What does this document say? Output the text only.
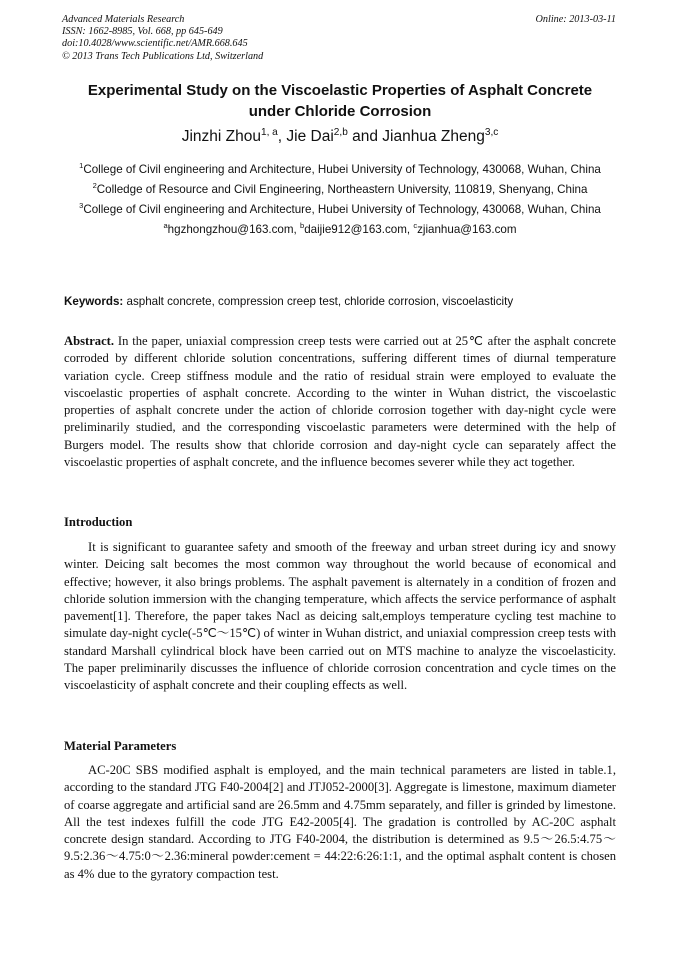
Advanced Materials Research
ISSN: 1662-8985, Vol. 668, pp 645-649
doi:10.4028/www.scientific.net/AMR.668.645
© 2013 Trans Tech Publications Ltd, Switzerland
Online: 2013-03-11
Experimental Study on the Viscoelastic Properties of Asphalt Concrete
under Chloride Corrosion
Jinzhi Zhou$^{1, a}$, Jie Dai$^{2,b}$ and Jianhua Zheng$^{3,c}$

$^1$College of Civil engineering and Architecture, Hubei University of Technology, 430068, Wuhan, China

$^2$Colledge of Resource and Civil Engineering, Northeastern University, 110819, Shenyang, China

$^3$College of Civil engineering and Architecture, Hubei University of Technology, 430068, Wuhan, China

$^a$hgzhongzhou@163.com, $^b$daijie912@163.com, $^c$zjianhua@163.com

Keywords: asphalt concrete, compression creep test, chloride corrosion, viscoelasticity

Abstract. In the paper, uniaxial compression creep tests were carried out at 25℃ after the asphalt concrete corroded by different chloride solution concentrations, suffering different times of diurnal temperature variation cycle. Creep stiffness module and the ratio of residual strain were employed to evaluate the viscoelastic properties of asphalt concrete. According to the winter in Wuhan district, the viscoelastic properties of asphalt concrete under the action of chloride corrosion together with day-night cycle were preliminarily studied, and the corresponding viscoelastic parameters were determined with the help of Burgers model. The results show that chloride corrosion and day-night cycle can separately affect the viscoelastic properties of asphalt concrete, and the influence becomes severer while they act together.

Introduction

It is significant to guarantee safety and smooth of the freeway and urban street during icy and snowy winter. Deicing salt becomes the most common way throughout the world because of economical and effective; however, it also brings problems. The asphalt pavement is alternately in a condition of frozen and chloride solution immersion with the changing temperature, which affects the service performance of asphalt pavement[1]. Therefore, the paper takes Nacl as deicing salt,employs temperature cycling test machine to simulate day-night cycle(-5℃～15℃) of winter in Wuhan district, and uniaxial compression creep tests with standard Marshall cylindrical block have been carried out on MTS machine to analyze the viscoelasticity. The paper preliminarily discusses the influence of chloride corrosion concentration and cycle times on the viscoelasticity of asphalt concrete and their coupling effects as well.

Material Parameters

AC-20C SBS modified asphalt is employed, and the main technical parameters are listed in table.1, according to the standard JTG F40-2004[2] and JTJ052-2000[3]. Aggregate is limestone, maximum diameter of coarse aggregate and artificial sand are 26.5mm and 4.75mm separately, and filler is grinded by limestone. All the test indexes fulfill the code JTG E42-2005[4]. The gradation is controlled by AC-20C asphalt concrete design standard. According to JTG F40-2004, the distribution is determined as 9.5～26.5:4.75～9.5:2.36～4.75:0～2.36:mineral powder:cement = 44:22:6:26:1:1, and the optimal asphalt content is chosen as 4% due to the gyratory compaction test.
